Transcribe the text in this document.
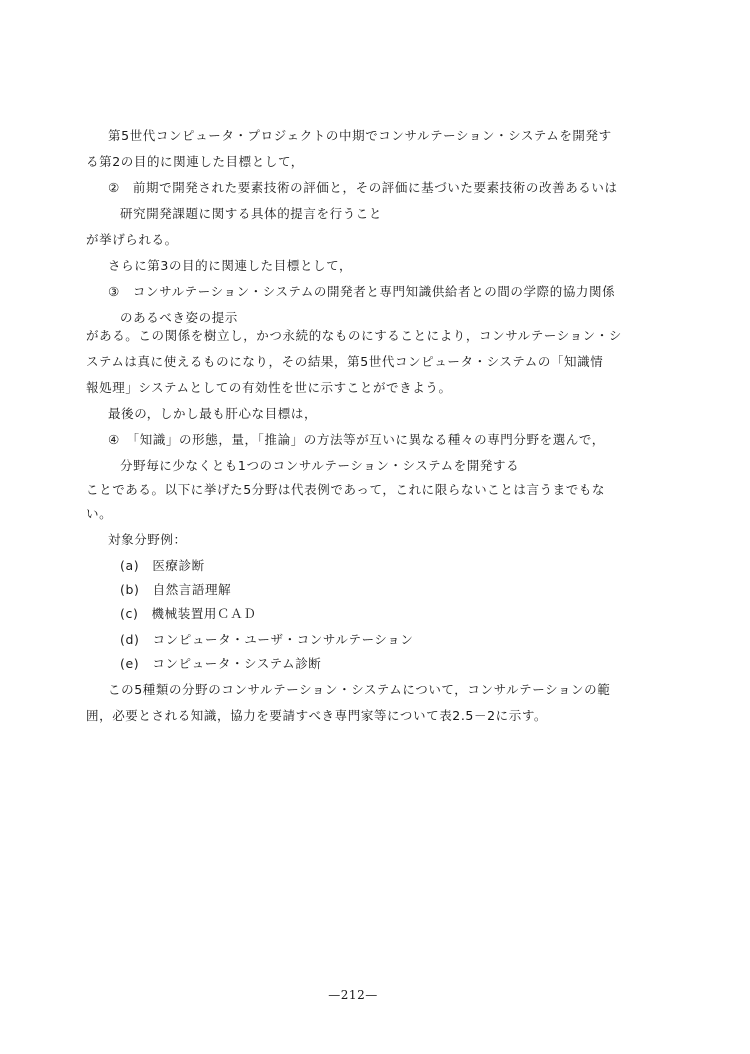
第5世代コンピュータ・プロジェクトの中期でコンサルテーション・システムを開発す
る第2の目的に関連した目標として，
②　前期で開発された要素技術の評価と，その評価に基づいた要素技術の改善あるいは
研究開発課題に関する具体的提言を行うこと
が挙げられる。
さらに第3の目的に関連した目標として，
③　コンサルテーション・システムの開発者と専門知識供給者との間の学際的協力関係
のあるべき姿の提示
がある。この関係を樹立し，かつ永続的なものにすることにより，コンサルテーション・シ
ステムは真に使えるものになり，その結果，第5世代コンピュータ・システムの「知識情
報処理」システムとしての有効性を世に示すことができよう。
最後の，しかし最も肝心な目標は，
④　「知識」の形態，量，「推論」の方法等が互いに異なる種々の専門分野を選んで，
分野毎に少なくとも1つのコンサルテーション・システムを開発する
ことである。以下に挙げた5分野は代表例であって，これに限らないことは言うまでもな
い。
対象分野例：
(a)　医療診断
(b)　自然言語理解
(c)　機械装置用ＣＡＤ
(d)　コンピュータ・ユーザ・コンサルテーション
(e)　コンピュータ・システム診断
この5種類の分野のコンサルテーション・システムについて，コンサルテーションの範
囲，必要とされる知識，協力を要請すべき専門家等について表2.5－2に示す。
—212—
